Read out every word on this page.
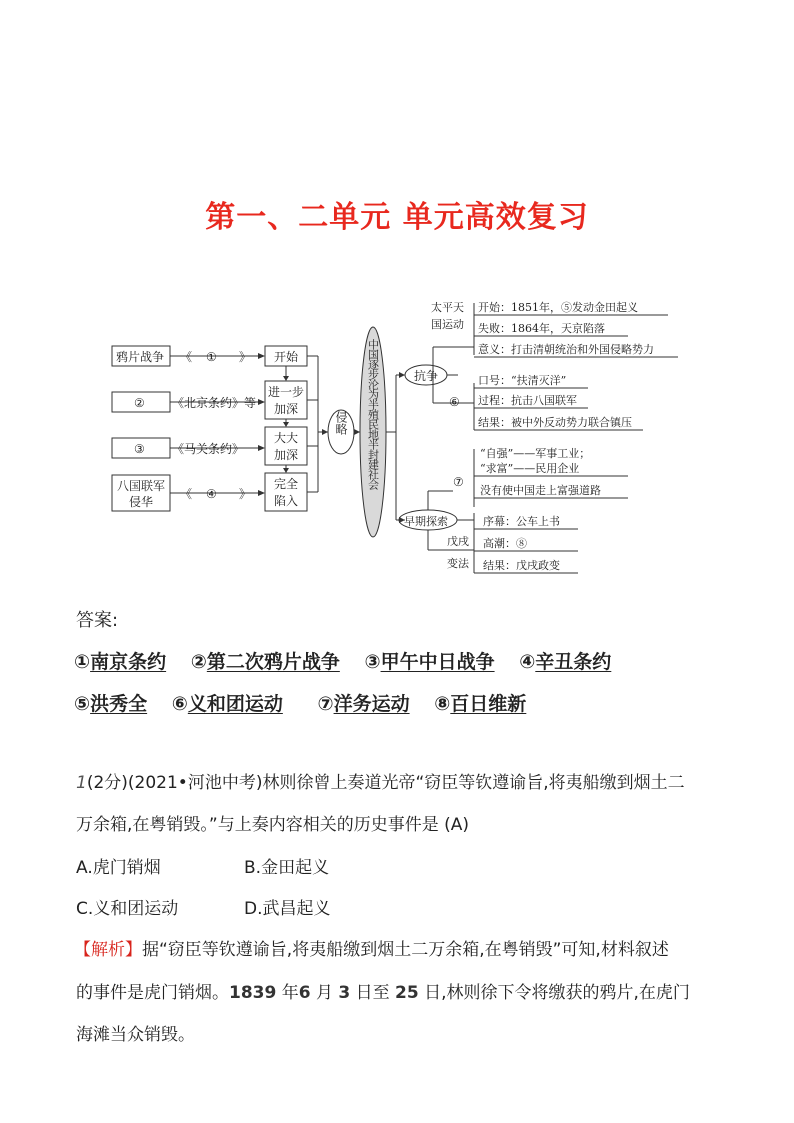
第一、二单元 单元高效复习
鸦片战争 《 ① 》
② 《北京条约》等
③ 《马关条约》
八国联军
侵华
《 ④ 》
开始
进一步
加深
大大
加深
完全
陷入
侵略 中国逐步沦为半殖民地半封建社会	抗争
早期探索
太平天
国运动
开始：1851年，⑤发动金田起义
失败：1864年，天京陷落
意义：打击清朝统治和外国侵略势力
⑥
口号：“扶清灭洋”
过程：抗击八国联军
结果：被中外反动势力联合镇压
⑦
“自强”——军事工业；
“求富”——民用企业
没有使中国走上富强道路
戊戌
变法
序幕：公车上书
高潮：⑧
结果：戊戌政变
答案:
①南京条约 ②第二次鸦片战争 ③甲午中日战争 ④辛丑条约
⑤洪秀全 ⑥义和团运动 ⑦洋务运动 ⑧百日维新
1(2分)(2021•河池中考)林则徐曾上奏道光帝“窃臣等钦遵谕旨,将夷船缴到烟土二
万余箱,在粤销毁。”与上奏内容相关的历史事件是 (A)
A.虎门销烟	B.金田起义
C.义和团运动	D.武昌起义
【解析】据“窃臣等钦遵谕旨,将夷船缴到烟土二万余箱,在粤销毁”可知,材料叙述
的事件是虎门销烟。1839 年6 月 3 日至 25 日,林则徐下令将缴获的鸦片,在虎门
海滩当众销毁。
